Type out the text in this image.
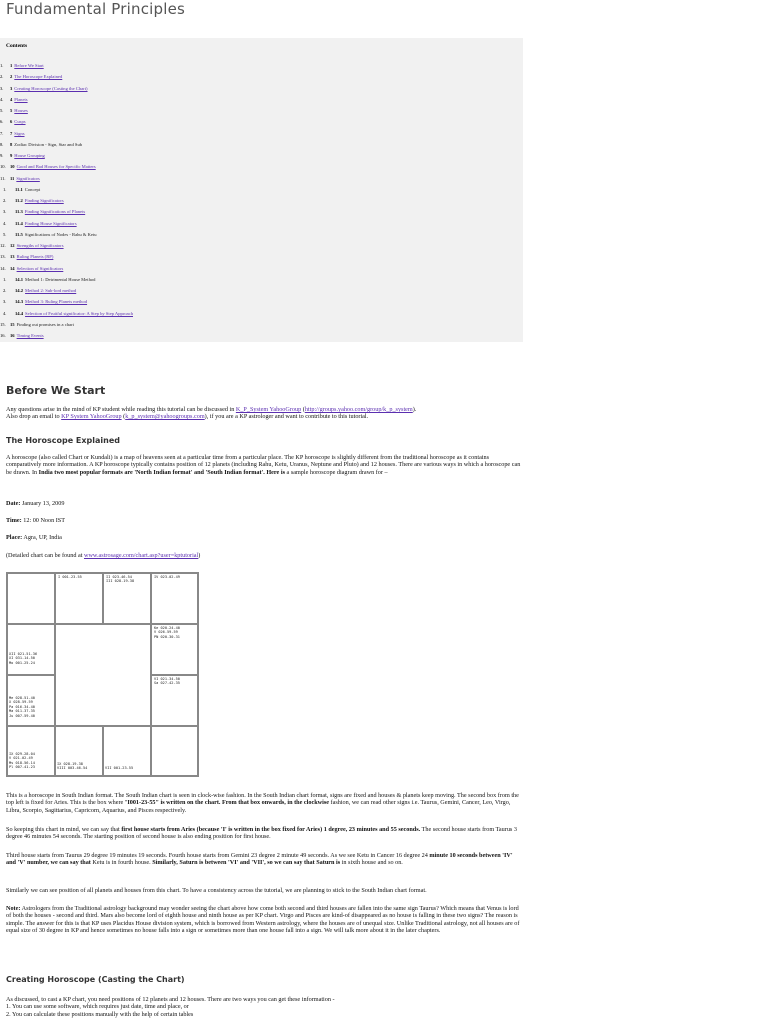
Fundamental Principles
Contents
1. 1 Before We Start
2. 2 The Horoscope Explained
3. 3 Creating Horoscope (Casting the Chart)
4. 4 Planets
5. 5 Houses
6. 6 Cusps
7. 7 Signs
8. 8 Zodiac Division - Sign, Star and Sub
9. 9 House Grouping
10. 10 Good and Bad Houses for Specific Matters
11. 11 Significators
1. 11.1 Concept
2. 11.2 Finding Significators
3. 11.3 Finding Significations of Planets
4. 11.4 Finding House Significators
5. 11.5 Significations of Nodes - Rahu & Ketu
12. 12 Strengths of Significators
13. 13 Ruling Planets (RP)
14. 14 Selection of Significators
1. 14.1 Method 1: Detrimental House Method
2. 14.2 Method 2: Sub-lord method
3. 14.3 Method 3: Ruling Planets method
4. 14.4 Selection of Fruitful significator: A Step by Step Approach
15. 15 Finding out promises in a chart
16. 16 Timing Events
Before We Start
Any questions arise in the mind of KP student while reading this tutorial can be discussed in K_P_System YahooGroup (http://groups.yahoo.com/group/k_p_system).
Also drop an email to KP System YahooGroup (k_p_system@yahoogroups.com), if you are a KP astrologer and want to contribute to this tutorial.
The Horoscope Explained
A horoscope (also called Chart or Kundali) is a map of heavens seen at a particular time from a particular place. The KP horoscope is slightly different from the traditional horoscope as it contains comparatively more information. A KP horoscope typically contains position of 12 planets (including Rahu, Ketu, Uranus, Neptune and Pluto) and 12 houses. There are various ways in which a horoscope can be drawn. In India two most popular formats are 'North Indian format' and 'South Indian format'. Here is a sample horoscope diagram drawn for –
Date: January 13, 2009
Time: 12: 00 Noon IST
Place: Agra, UP, India
(Detailed chart can be found at www.astrosage.com/chart.asp?user=kptutorial)
I 001-23-55	II 023-46-54
III 028-19-38
IV 023-02-49
Ke 020-24-40
V 026-59-59
PN 020-30-31
XII 021-51-36
XI 031-14-50
Mo 001-25-24
VI 021-34-50
Sa 027-42-35
Me 028-51-40
X 028-59-59
Pa 016-34-40
Ma 011-37-35
Ju 007-59-40
IX 029-28-04
V 021-02-49
Ms 018-56-14
Pl 007-41-23
IX 028-19-38
VIII 003-46-54	VII 001-23-55
This is a horoscope in South Indian format. The South Indian chart is seen in clock-wise fashion. In the South Indian chart format, signs are fixed and houses & planets keep moving. The second box from the top left is fixed for Aries. This is the box where "I001-23-55" is written on the chart. From that box onwards, in the clockwise fashion, we can read other signs i.e. Taurus, Gemini, Cancer, Leo, Virgo, Libra, Scorpio, Sagittarius, Capricorn, Aquarius, and Pisces respectively.
So keeping this chart in mind, we can say that first house starts from Aries (because 'I' is written in the box fixed for Aries) 1 degree, 23 minutes and 55 seconds. The second house starts from Taurus 3 degree 46 minutes 54 seconds. The starting position of second house is also ending position for first house.
Third house starts from Taurus 29 degree 19 minutes 19 seconds. Fourth house starts from Gemini 23 degree 2 minute 49 seconds. As we see Ketu in Cancer 16 degree 24 minute 10 seconds between 'IV' and 'V' number, we can say that Ketu is in fourth house. Similarly, Saturn is between 'VI' and 'VII', so we can say that Saturn is in sixth house and so on.
Similarly we can see position of all planets and houses from this chart. To have a consistency across the tutorial, we are planning to stick to the South Indian chart format.
Note: Astrologers from the Traditional astrology background may wonder seeing the chart above how come both second and third houses are fallen into the same sign Taurus? Which means that Venus is lord of both the houses - second and third. Mars also become lord of eighth house and ninth house as per KP chart. Virgo and Pisces are kind-of disappeared as no house is falling in these two signs? The reason is simple. The answer for this is that KP uses Placidus House division system, which is borrowed from Western astrology, where the houses are of unequal size. Unlike Traditional astrology, not all houses are of equal size of 30 degree in KP and hence sometimes no house falls into a sign or sometimes more than one house fall into a sign. We will talk more about it in the later chapters.
Creating Horoscope (Casting the Chart)
As discussed, to cast a KP chart, you need positions of 12 planets and 12 houses. There are two ways you can get these information -
1. You can use some software, which requires just date, time and place, or
2. You can calculate these positions manually with the help of certain tables
